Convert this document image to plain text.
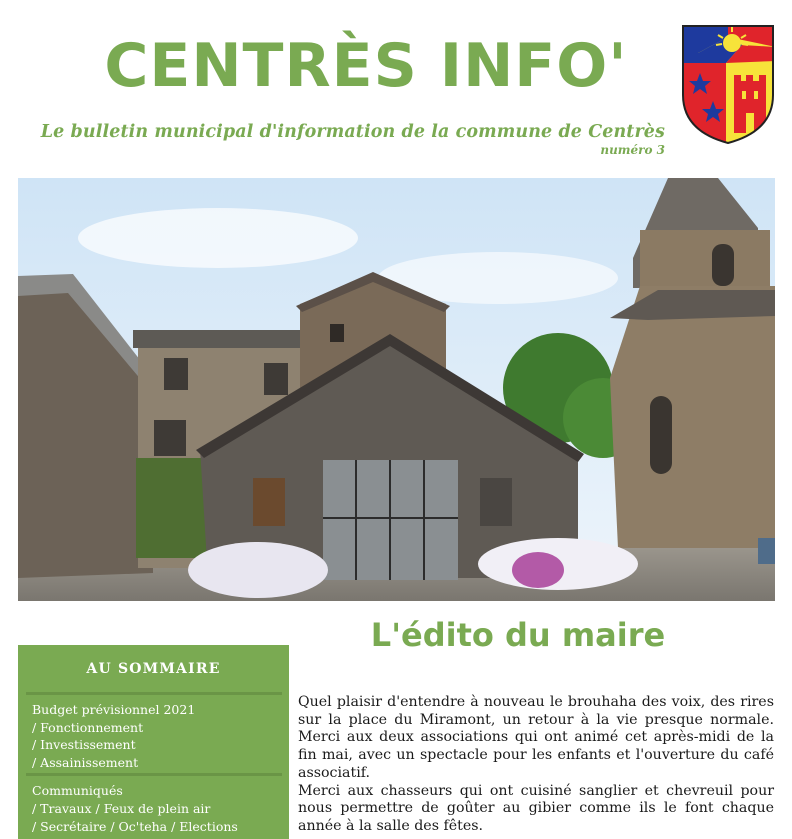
CENTRÈS INFO'
Le bulletin municipal d'information de la commune de Centrès
numéro 3
AU SOMMAIRE
Budget prévisionnel 2021
/ Fonctionnement
/ Investissement
/ Assainissement
Communiqués
/ Travaux / Feux de plein air
/ Secrétaire / Oc'teha / Elections
L'édito du maire

Quel plaisir d'entendre à nouveau le brouhaha des voix, des rires sur la place du Miramont, un retour à la vie presque normale. Merci aux deux associations qui ont animé cet après-midi de la fin mai, avec un spectacle pour les enfants et l'ouverture du café associatif.

Merci aux chasseurs qui ont cuisiné sanglier et chevreuil pour nous permettre de goûter au gibier comme ils le font chaque année à la salle des fêtes.
